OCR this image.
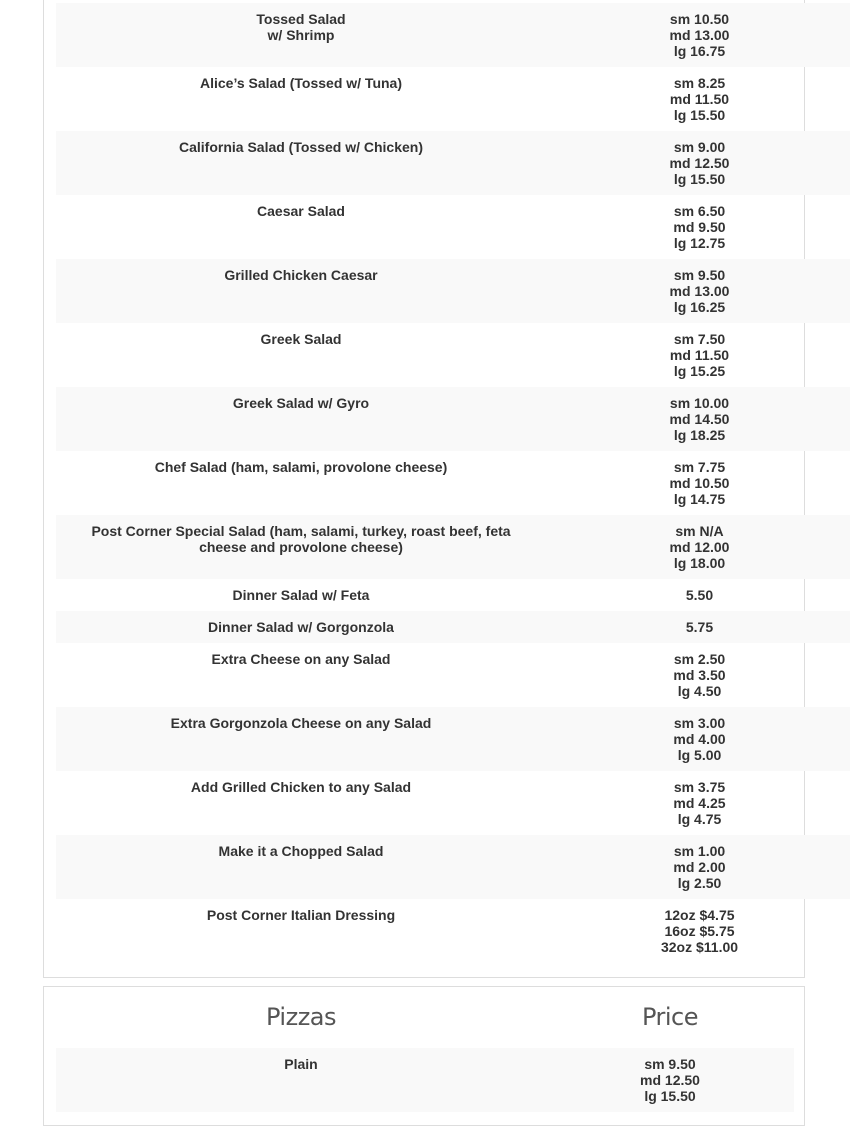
Tossed Salad
w/ Shrimp	sm 10.50
md 13.00
lg 16.75

Alice’s Salad (Tossed w/ Tuna)	sm 8.25
md 11.50
lg 15.50

California Salad (Tossed w/ Chicken)	sm 9.00
md 12.50
lg 15.50

Caesar Salad	sm 6.50
md 9.50
lg 12.75

Grilled Chicken Caesar	sm 9.50
md 13.00
lg 16.25

Greek Salad	sm 7.50
md 11.50
lg 15.25

Greek Salad w/ Gyro	sm 10.00
md 14.50
lg 18.25

Chef Salad (ham, salami, provolone cheese)	sm 7.75
md 10.50
lg 14.75

Post Corner Special Salad (ham, salami, turkey, roast beef, feta cheese and provolone cheese)	sm N/A
md 12.00
lg 18.00

Dinner Salad w/ Feta	5.50

Dinner Salad w/ Gorgonzola	5.75

Extra Cheese on any Salad	sm 2.50
md 3.50
lg 4.50

Extra Gorgonzola Cheese on any Salad	sm 3.00
md 4.00
lg 5.00

Add Grilled Chicken to any Salad	sm 3.75
md 4.25
lg 4.75

Make it a Chopped Salad	sm 1.00
md 2.00
lg 2.50

Post Corner Italian Dressing	12oz $4.75
16oz $5.75
32oz $11.00
Pizzas	Price

Plain	sm 9.50
md 12.50
lg 15.50
